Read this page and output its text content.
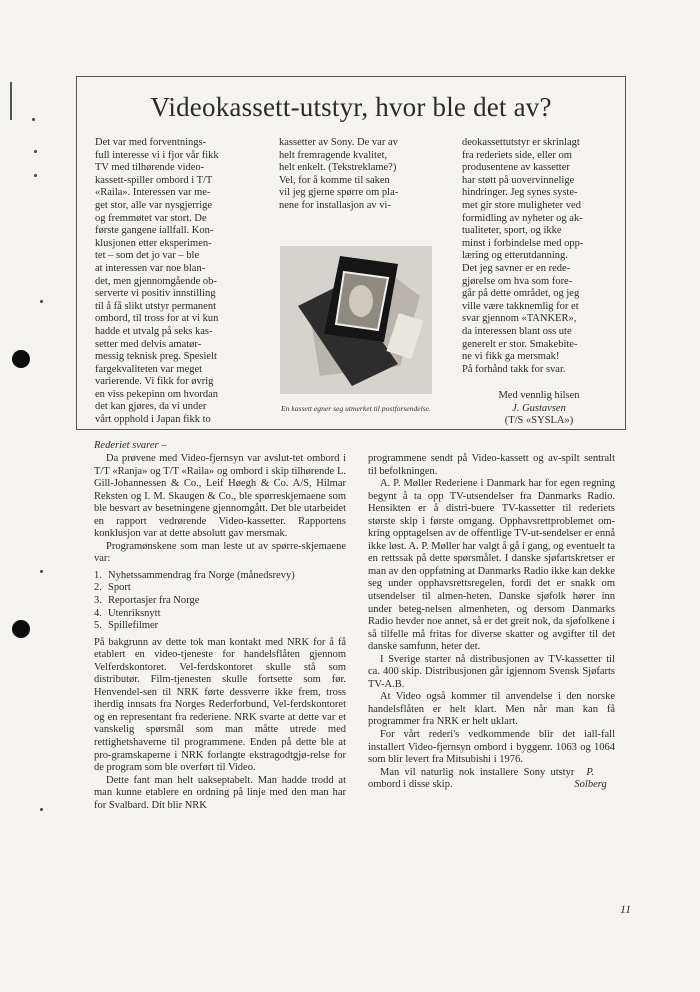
Videokassett-utstyr, hvor ble det av?
Det var med forventnings-
full interesse vi i fjor vår fikk
TV med tilhørende video-
kassett-spiller ombord i T/T
«Raila». Interessen var me-
get stor, alle var nysgjerrige
og fremmøtet var stort. De
første gangene iallfall. Kon-
klusjonen etter eksperimen-
tet – som det jo var – ble
at interessen var noe blan-
det, men gjennomgående ob-
serverte vi positiv innstilling
til å få slikt utstyr permanent
ombord, til tross for at vi kun
hadde et utvalg på seks kas-
setter med delvis amatør-
messig teknisk preg. Spesielt
fargekvaliteten var meget
varierende. Vi fikk for øvrig
en viss pekepinn om hvordan
det kan gjøres, da vi under
vårt opphold i Japan fikk to
kassetter av Sony. De var av
helt fremragende kvalitet,
helt enkelt. (Tekstreklame?)
Vel, for å komme til saken
vil jeg gjerne spørre om pla-
nene for installasjon av vi-
deokassettutstyr er skrinlagt
fra rederiets side, eller om
produsentene av kassetter
har støtt på uovervinnelige
hindringer. Jeg synes syste-
met gir store muligheter ved
formidling av nyheter og ak-
tualiteter, sport, og ikke
minst i forbindelse med opp-
læring og etterutdanning.
Det jeg savner er en rede-
gjørelse om hva som fore-
går på dette området, og jeg
ville være takknemlig for et
svar gjennom «TANKER»,
da interessen blant oss ute
generelt er stor. Smakebite-
ne vi fikk ga mersmak!
På forhånd takk for svar.
En kassett egner seg utmerket til postforsendelse.
Med vennlig hilsen
J. Gustavsen
(T/S «SYSLA»)
Rederiet svarer –

Da prøvene med Video-fjernsyn var avslut-tet ombord i T/T «Ranja» og T/T «Raila» og ombord i skip tilhørende L. Gill-Johannessen & Co., Leif Høegh & Co. A/S, Hilmar Reksten og I. M. Skaugen & Co., ble spørreskjemaene som ble besvart av besetningene gjennomgått. Det ble utarbeidet en rapport vedrørende Video-kassetter. Rapportens konklusjon var at dette absolutt gav mersmak.

Programønskene som man leste ut av spørre-skjemaene var:

1. Nyhetssammendrag fra Norge (månedsrevy)
2. Sport
3. Reportasjer fra Norge
4. Utenriksnytt
5. Spillefilmer

På bakgrunn av dette tok man kontakt med NRK for å få etablert en video-tjeneste for handelsflåten gjennom Velferdskontoret. Vel-ferdskontoret skulle stå som distributør. Film-tjenesten skulle fortsette som før. Henvendel-sen til NRK førte dessverre ikke frem, tross iherdig innsats fra Norges Rederforbund, Vel-ferdskontoret og en representant fra rederiene. NRK svarte at dette var et vanskelig spørsmål som man måtte utrede med rettighetshaverne til programmene. Enden på dette ble at pro-gramskaperne i NRK forlangte ekstragodtgjø-relse for de program som ble overført til Video.

Dette fant man helt uakseptabelt. Man hadde trodd at man kunne etablere en ordning på linje med den man har for Svalbard. Dit blir NRK

programmene sendt på Video-kassett og av-spilt sentralt til befolkningen.

A. P. Møller Rederiene i Danmark har for egen regning begynt å ta opp TV-utsendelser fra Danmarks Radio. Hensikten er å distri-buere TV-kassetter til rederiets største skip i første omgang. Opphavsrettproblemet om-kring opptagelsen av de offentlige TV-ut-sendelser er ennå ikke løst. A. P. Møller har valgt å gå i gang, og eventuelt ta en rettssak på dette spørsmålet. I danske sjøfartskretser er man av den oppfatning at Danmarks Radio ikke kan dekke seg under opphavsrettsregelen, fordi det er snakk om utsendelser til almen-heten. Danske sjøfolk hører inn under beteg-nelsen almenheten, og dersom Danmarks Radio hevder noe annet, så er det greit nok, da sjøfolkene i så tilfelle må fritas for diverse skatter og avgifter til det danske samfunn, heter det.

I Sverige starter nå distribusjonen av TV-kassetter til ca. 400 skip. Distribusjonen går igjennom Svensk Sjøfarts TV-A.B.

At Video også kommer til anvendelse i den norske handelsflåten er helt klart. Men når man kan få programmer fra NRK er helt uklart.

For vårt rederi's vedkommende blir det iall-fall installert Video-fjernsyn ombord i byggenr. 1063 og 1064 som blir levert fra Mitsubishi i 1976.

Man vil naturlig nok installere Sony utstyr ombord i disse skip.
P. Solberg

11
